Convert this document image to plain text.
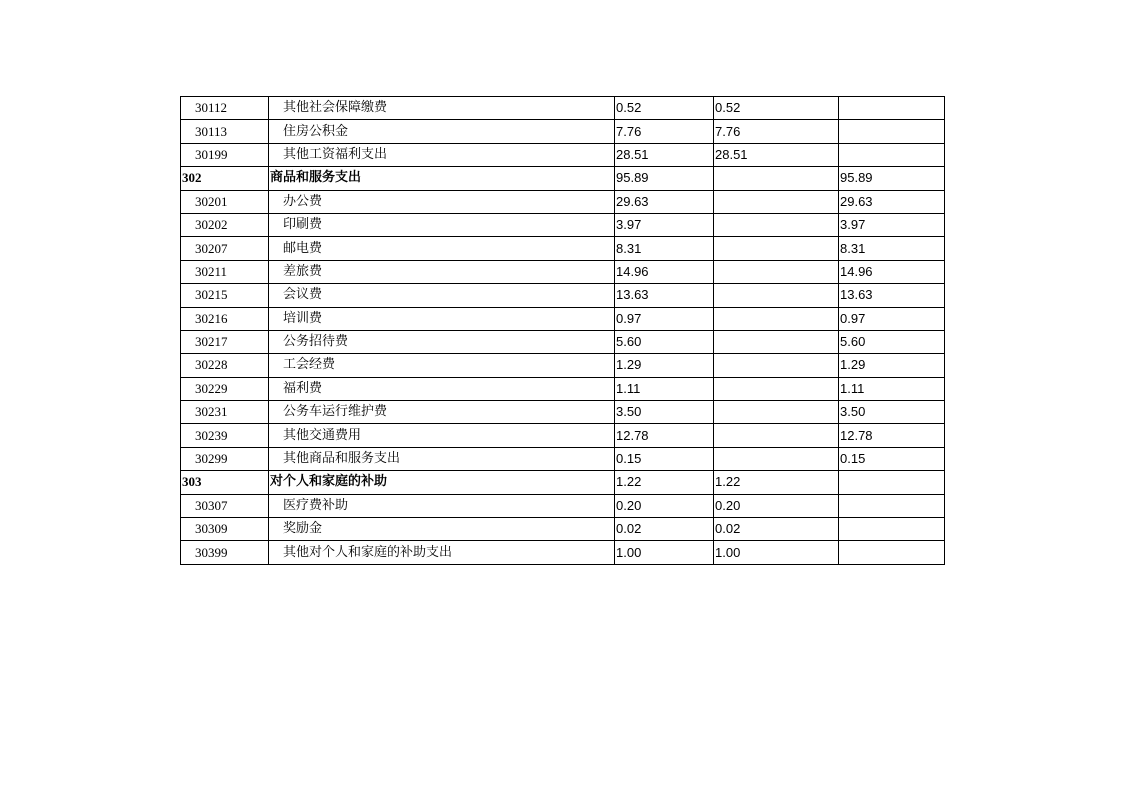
30112	其他社会保障缴费	0.52	0.52	
30113	住房公积金	7.76	7.76	
30199	其他工资福利支出	28.51	28.51	
302	商品和服务支出	95.89		95.89
30201	办公费	29.63		29.63
30202	印刷费	3.97		3.97
30207	邮电费	8.31		8.31
30211	差旅费	14.96		14.96
30215	会议费	13.63		13.63
30216	培训费	0.97		0.97
30217	公务招待费	5.60		5.60
30228	工会经费	1.29		1.29
30229	福利费	1.11		1.11
30231	公务车运行维护费	3.50		3.50
30239	其他交通费用	12.78		12.78
30299	其他商品和服务支出	0.15		0.15
303	对个人和家庭的补助	1.22	1.22	
30307	医疗费补助	0.20	0.20	
30309	奖励金	0.02	0.02	
30399	其他对个人和家庭的补助支出	1.00	1.00	
